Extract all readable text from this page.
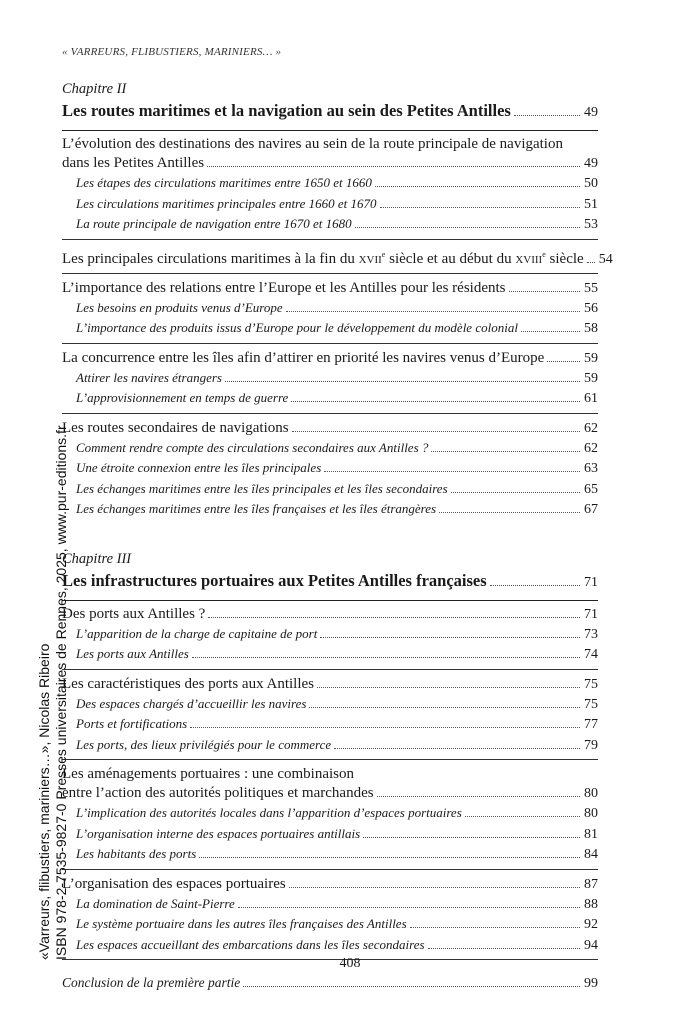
« VARREURS, FLIBUSTIERS, MARINIERS… »
Chapitre II
Les routes maritimes et la navigation au sein des Petites Antilles	49
L’évolution des destinations des navires au sein de la route principale de navigation
dans les Petites Antilles	49
Les étapes des circulations maritimes entre 1650 et 1660	50
Les circulations maritimes principales entre 1660 et 1670	51
La route principale de navigation entre 1670 et 1680	53
Les principales circulations maritimes à la fin du xvii$^e$ siècle et au début du xviii$^e$ siècle 54
L’importance des relations entre l’Europe et les Antilles pour les résidents	55
Les besoins en produits venus d’Europe	56
L’importance des produits issus d’Europe pour le développement du modèle colonial	58
La concurrence entre les îles afin d’attirer en priorité les navires venus d’Europe	59
Attirer les navires étrangers	59
L’approvisionnement en temps de guerre	61
Les routes secondaires de navigations	62
Comment rendre compte des circulations secondaires aux Antilles ?	62
Une étroite connexion entre les îles principales	63
Les échanges maritimes entre les îles principales et les îles secondaires	65
Les échanges maritimes entre les îles françaises et les îles étrangères	67
Chapitre III
Les infrastructures portuaires aux Petites Antilles françaises	71
Des ports aux Antilles ?	71
L’apparition de la charge de capitaine de port	73
Les ports aux Antilles	74
Les caractéristiques des ports aux Antilles	75
Des espaces chargés d’accueillir les navires	75
Ports et fortifications	77
Les ports, des lieux privilégiés pour le commerce	79
Les aménagements portuaires : une combinaison
entre l’action des autorités politiques et marchandes	80
L’implication des autorités locales dans l’apparition d’espaces portuaires	80
L’organisation interne des espaces portuaires antillais	81
Les habitants des ports	84
L’organisation des espaces portuaires	87
La domination de Saint-Pierre	88
Le système portuaire dans les autres îles françaises des Antilles	92
Les espaces accueillant des embarcations dans les îles secondaires	94
Conclusion de la première partie	99
408
«Varreurs, flibustiers, mariniers…», Nicolas Ribeiro ISBN 978-2-7535-9827-0 Presses universitaires de Rennes, 2025, www.pur-editions.fr
